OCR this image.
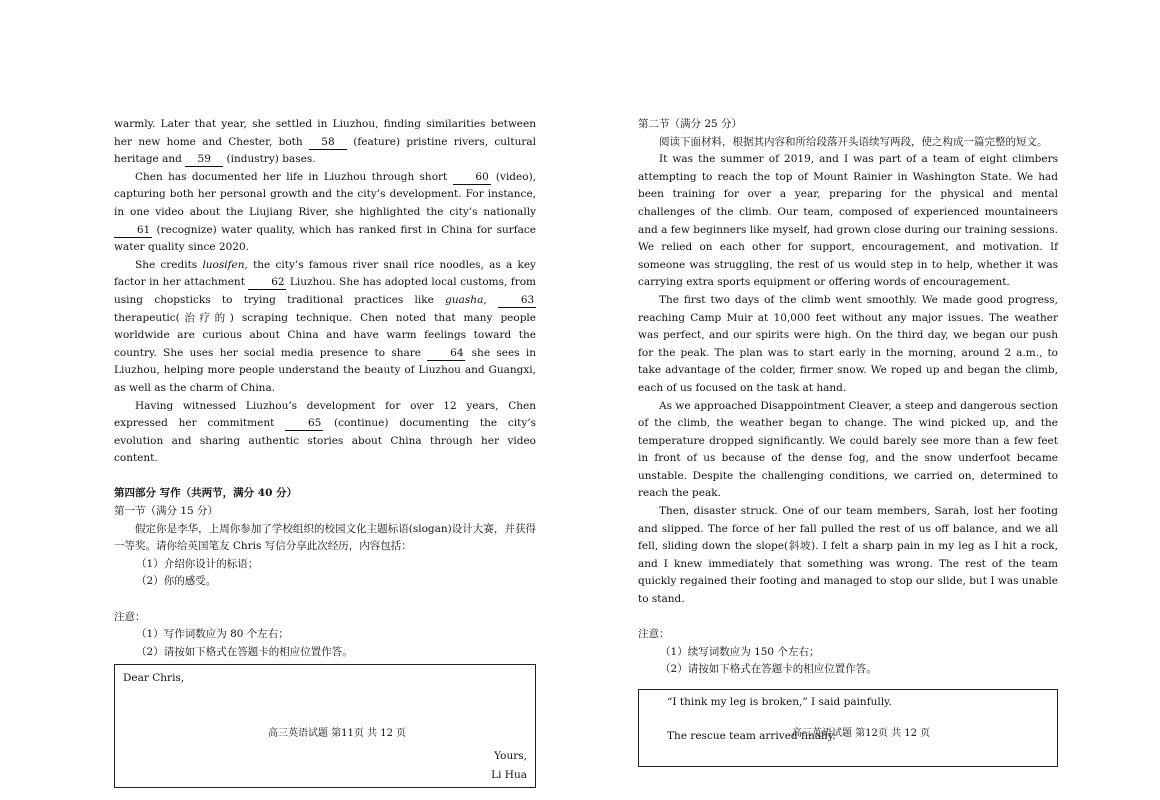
warmly. Later that year, she settled in Liuzhou, finding similarities between her new home and Chester, both 58 (feature) pristine rivers, cultural heritage and 59 (industry) bases.

Chen has documented her life in Liuzhou through short 60 (video), capturing both her personal growth and the city’s development. For instance, in one video about the Liujiang River, she highlighted the city’s nationally 61 (recognize) water quality, which has ranked first in China for surface water quality since 2020.

She credits luosifen, the city’s famous river snail rice noodles, as a key factor in her attachment 62 Liuzhou. She has adopted local customs, from using chopsticks to trying traditional practices like guasha, 63 therapeutic(治疗的) scraping technique. Chen noted that many people worldwide are curious about China and have warm feelings toward the country. She uses her social media presence to share 64 she sees in Liuzhou, helping more people understand the beauty of Liuzhou and Guangxi, as well as the charm of China.

Having witnessed Liuzhou’s development for over 12 years, Chen expressed her commitment 65 (continue) documenting the city’s evolution and sharing authentic stories about China through her video content.

第四部分 写作（共两节，满分 40 分）

第一节（满分 15 分）

假定你是李华，上周你参加了学校组织的校园文化主题标语(slogan)设计大赛，并获得一等奖。请你给英国笔友 Chris 写信分享此次经历，内容包括：

（1）介绍你设计的标语；

（2）你的感受。

注意：

（1）写作词数应为 80 个左右；

（2）请按如下格式在答题卡的相应位置作答。

Dear Chris,
Yours,
Li Hua
高三英语试题 第11页 共 12 页

第二节（满分 25 分）

阅读下面材料，根据其内容和所给段落开头语续写两段，使之构成一篇完整的短文。

It was the summer of 2019, and I was part of a team of eight climbers attempting to reach the top of Mount Rainier in Washington State. We had been training for over a year, preparing for the physical and mental challenges of the climb. Our team, composed of experienced mountaineers and a few beginners like myself, had grown close during our training sessions. We relied on each other for support, encouragement, and motivation. If someone was struggling, the rest of us would step in to help, whether it was carrying extra sports equipment or offering words of encouragement.

The first two days of the climb went smoothly. We made good progress, reaching Camp Muir at 10,000 feet without any major issues. The weather was perfect, and our spirits were high. On the third day, we began our push for the peak. The plan was to start early in the morning, around 2 a.m., to take advantage of the colder, firmer snow. We roped up and began the climb, each of us focused on the task at hand.

As we approached Disappointment Cleaver, a steep and dangerous section of the climb, the weather began to change. The wind picked up, and the temperature dropped significantly. We could barely see more than a few feet in front of us because of the dense fog, and the snow underfoot became unstable. Despite the challenging conditions, we carried on, determined to reach the peak.

Then, disaster struck. One of our team members, Sarah, lost her footing and slipped. The force of her fall pulled the rest of us off balance, and we all fell, sliding down the slope(斜坡). I felt a sharp pain in my leg as I hit a rock, and I knew immediately that something was wrong. The rest of the team quickly regained their footing and managed to stop our slide, but I was unable to stand.

注意：

（1）续写词数应为 150 个左右；

（2）请按如下格式在答题卡的相应位置作答。

“I think my leg is broken,” I said painfully.
The rescue team arrived finally.
高三英语试题 第12页 共 12 页
